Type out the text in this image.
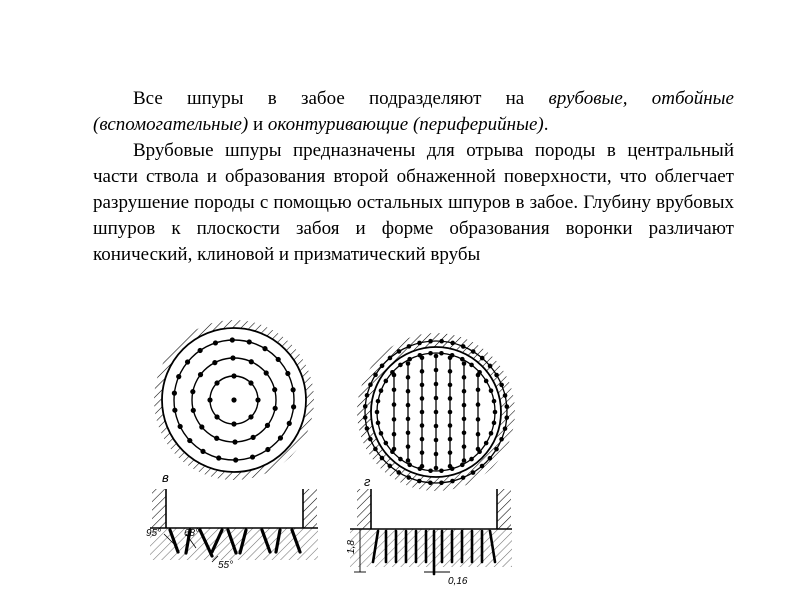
Все шпуры в забое подразделяют на врубовые, отбойные (вспомогательные) и оконтуривающие (периферийные).

Врубовые шпуры предназначены для отрыва породы в центральный части ствола и образования второй обнаженной поверхности, что облегчает разрушение породы с помощью остальных шпуров в забое. Глубину врубовых шпуров к плоскости забоя и форме образования воронки различают конический, клиновой и призматический врубы

в
95° 68°
55°
г
1,8
0,16
